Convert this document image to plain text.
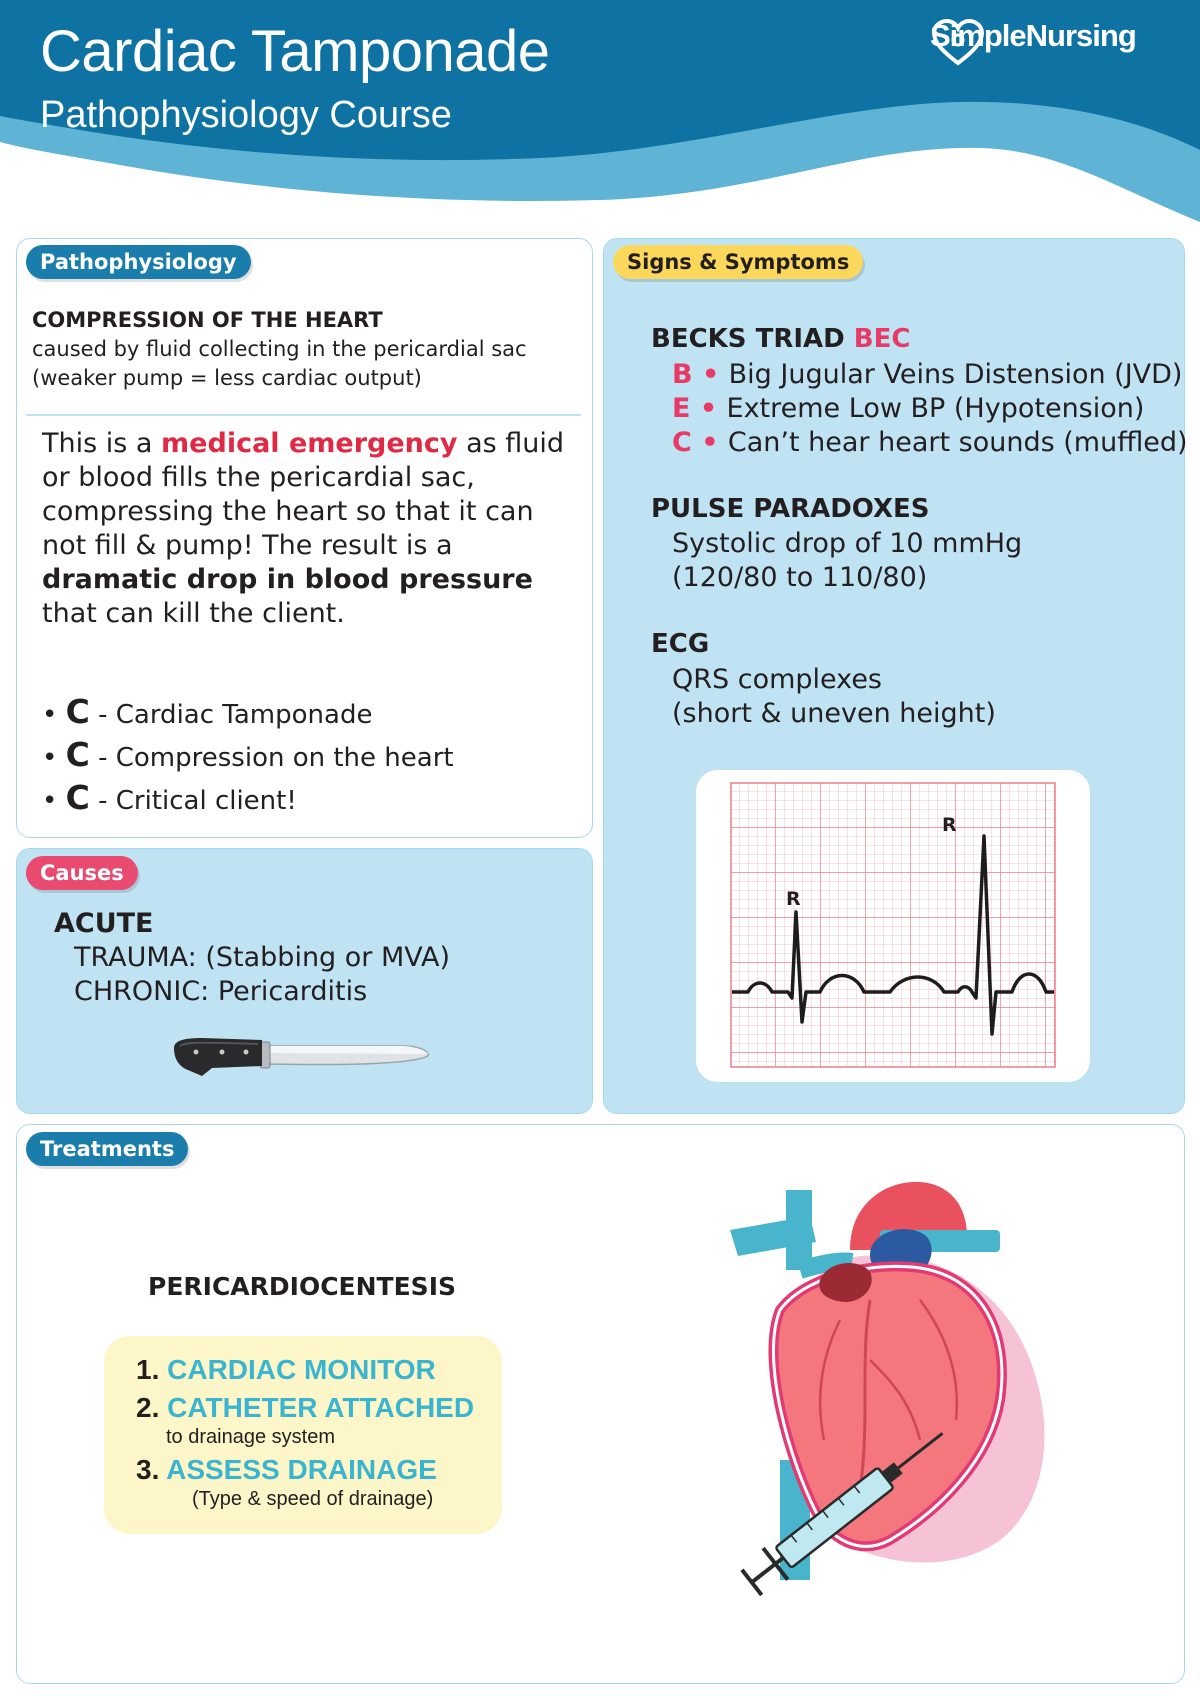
Cardiac Tamponade
Pathophysiology Course
SimpleNursing
Pathophysiology
COMPRESSION OF THE HEART
caused by fluid collecting in the pericardial sac
(weaker pump = less cardiac output)
This is a medical emergency as fluid
or blood fills the pericardial sac,
compressing the heart so that it can
not fill & pump! The result is a
dramatic drop in blood pressure
that can kill the client.
• C - Cardiac Tamponade
• C - Compression on the heart
• C - Critical client!
Causes
ACUTE
TRAUMA: (Stabbing or MVA)
CHRONIC: Pericarditis
Signs & Symptoms
BECKS TRIAD BEC
B • Big Jugular Veins Distension (JVD)
E • Extreme Low BP (Hypotension)
C • Can’t hear heart sounds (muffled)
PULSE PARADOXES
Systolic drop of 10 mmHg
(120/80 to 110/80)
ECG
QRS complexes
(short & uneven height)
R
R
Treatments
PERICARDIOCENTESIS
1. CARDIAC MONITOR
2. CATHETER ATTACHED
to drainage system
3. ASSESS DRAINAGE
(Type & speed of drainage)
